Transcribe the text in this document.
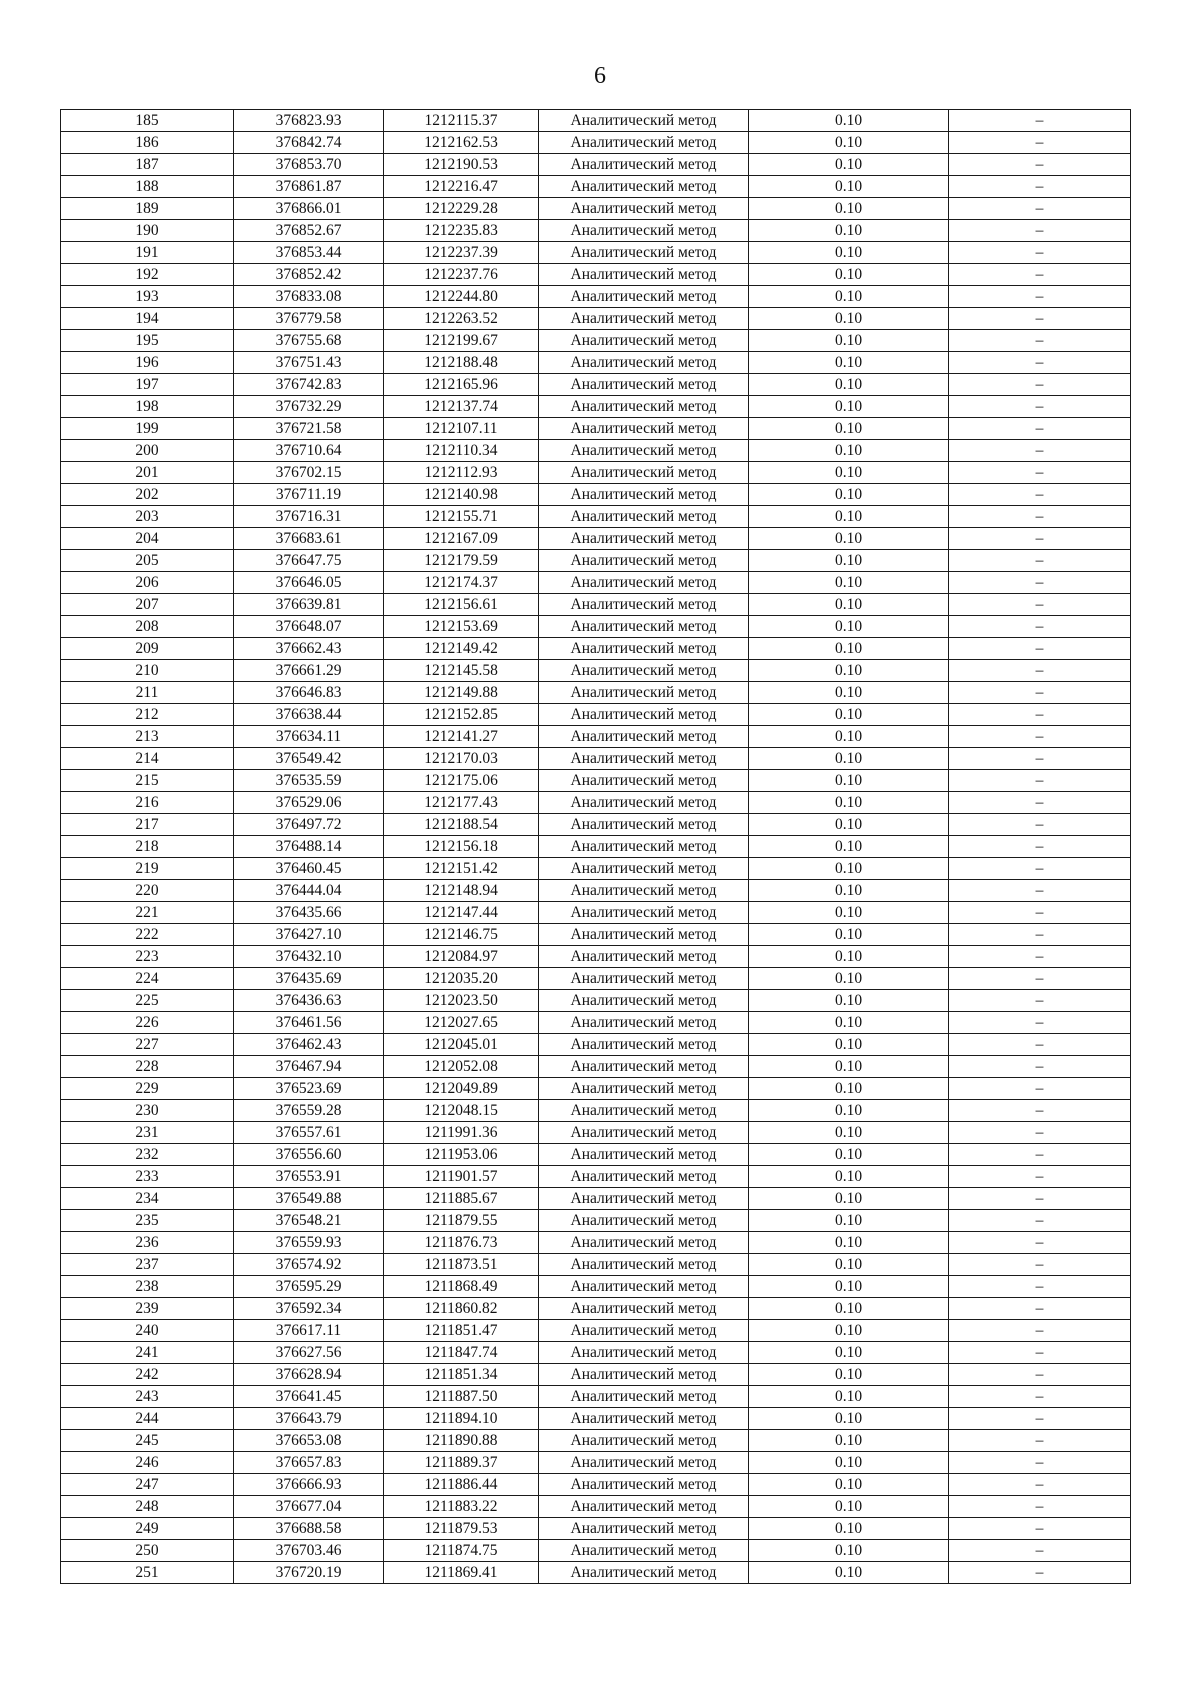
6
185	376823.93	1212115.37	Аналитический метод	0.10	–
186	376842.74	1212162.53	Аналитический метод	0.10	–
187	376853.70	1212190.53	Аналитический метод	0.10	–
188	376861.87	1212216.47	Аналитический метод	0.10	–
189	376866.01	1212229.28	Аналитический метод	0.10	–
190	376852.67	1212235.83	Аналитический метод	0.10	–
191	376853.44	1212237.39	Аналитический метод	0.10	–
192	376852.42	1212237.76	Аналитический метод	0.10	–
193	376833.08	1212244.80	Аналитический метод	0.10	–
194	376779.58	1212263.52	Аналитический метод	0.10	–
195	376755.68	1212199.67	Аналитический метод	0.10	–
196	376751.43	1212188.48	Аналитический метод	0.10	–
197	376742.83	1212165.96	Аналитический метод	0.10	–
198	376732.29	1212137.74	Аналитический метод	0.10	–
199	376721.58	1212107.11	Аналитический метод	0.10	–
200	376710.64	1212110.34	Аналитический метод	0.10	–
201	376702.15	1212112.93	Аналитический метод	0.10	–
202	376711.19	1212140.98	Аналитический метод	0.10	–
203	376716.31	1212155.71	Аналитический метод	0.10	–
204	376683.61	1212167.09	Аналитический метод	0.10	–
205	376647.75	1212179.59	Аналитический метод	0.10	–
206	376646.05	1212174.37	Аналитический метод	0.10	–
207	376639.81	1212156.61	Аналитический метод	0.10	–
208	376648.07	1212153.69	Аналитический метод	0.10	–
209	376662.43	1212149.42	Аналитический метод	0.10	–
210	376661.29	1212145.58	Аналитический метод	0.10	–
211	376646.83	1212149.88	Аналитический метод	0.10	–
212	376638.44	1212152.85	Аналитический метод	0.10	–
213	376634.11	1212141.27	Аналитический метод	0.10	–
214	376549.42	1212170.03	Аналитический метод	0.10	–
215	376535.59	1212175.06	Аналитический метод	0.10	–
216	376529.06	1212177.43	Аналитический метод	0.10	–
217	376497.72	1212188.54	Аналитический метод	0.10	–
218	376488.14	1212156.18	Аналитический метод	0.10	–
219	376460.45	1212151.42	Аналитический метод	0.10	–
220	376444.04	1212148.94	Аналитический метод	0.10	–
221	376435.66	1212147.44	Аналитический метод	0.10	–
222	376427.10	1212146.75	Аналитический метод	0.10	–
223	376432.10	1212084.97	Аналитический метод	0.10	–
224	376435.69	1212035.20	Аналитический метод	0.10	–
225	376436.63	1212023.50	Аналитический метод	0.10	–
226	376461.56	1212027.65	Аналитический метод	0.10	–
227	376462.43	1212045.01	Аналитический метод	0.10	–
228	376467.94	1212052.08	Аналитический метод	0.10	–
229	376523.69	1212049.89	Аналитический метод	0.10	–
230	376559.28	1212048.15	Аналитический метод	0.10	–
231	376557.61	1211991.36	Аналитический метод	0.10	–
232	376556.60	1211953.06	Аналитический метод	0.10	–
233	376553.91	1211901.57	Аналитический метод	0.10	–
234	376549.88	1211885.67	Аналитический метод	0.10	–
235	376548.21	1211879.55	Аналитический метод	0.10	–
236	376559.93	1211876.73	Аналитический метод	0.10	–
237	376574.92	1211873.51	Аналитический метод	0.10	–
238	376595.29	1211868.49	Аналитический метод	0.10	–
239	376592.34	1211860.82	Аналитический метод	0.10	–
240	376617.11	1211851.47	Аналитический метод	0.10	–
241	376627.56	1211847.74	Аналитический метод	0.10	–
242	376628.94	1211851.34	Аналитический метод	0.10	–
243	376641.45	1211887.50	Аналитический метод	0.10	–
244	376643.79	1211894.10	Аналитический метод	0.10	–
245	376653.08	1211890.88	Аналитический метод	0.10	–
246	376657.83	1211889.37	Аналитический метод	0.10	–
247	376666.93	1211886.44	Аналитический метод	0.10	–
248	376677.04	1211883.22	Аналитический метод	0.10	–
249	376688.58	1211879.53	Аналитический метод	0.10	–
250	376703.46	1211874.75	Аналитический метод	0.10	–
251	376720.19	1211869.41	Аналитический метод	0.10	–
